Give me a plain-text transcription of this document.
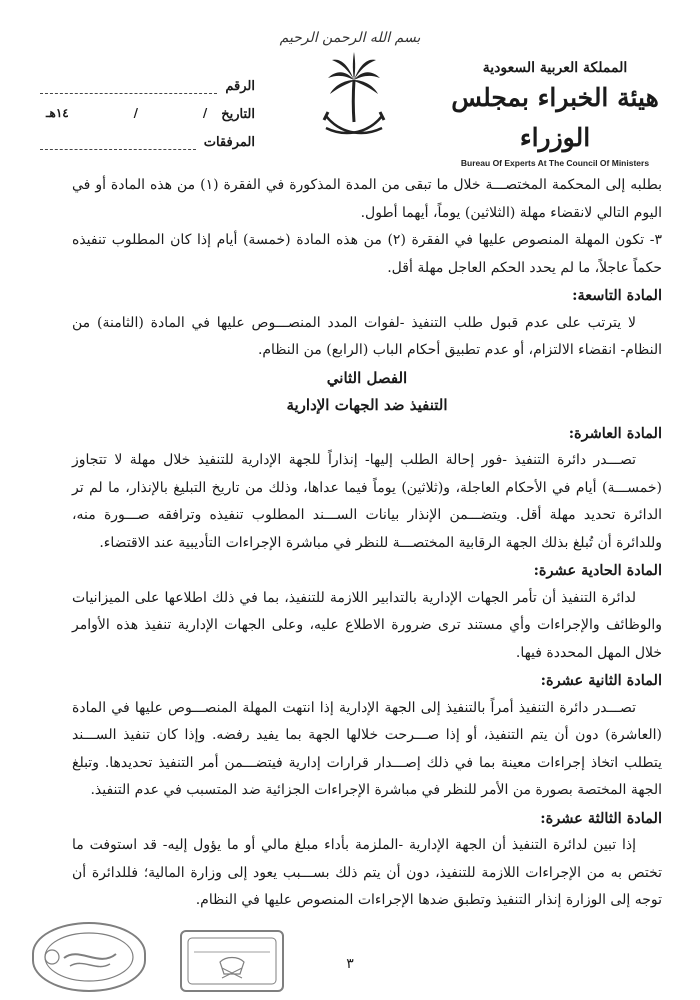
بسم الله الرحمن الرحيم
المملكة العربية السعودية
هيئة الخبراء بمجلس الوزراء
Bureau Of Experts At The Council Of Ministers
الرقم
التاريخ
/
/
١٤هـ
المرفقات

بطلبه إلى المحكمة المختصـــة خلال ما تبقى من المدة المذكورة في الفقرة (١) من هذه المادة أو في اليوم التالي لانقضاء مهلة (الثلاثين) يوماً، أيهما أطول.

٣- تكون المهلة المنصوص عليها في الفقرة (٢) من هذه المادة (خمسة) أيام إذا كان المطلوب تنفيذه حكماً عاجلاً، ما لم يحدد الحكم العاجل مهلة أقل.

المادة التاسعة:

لا يترتب على عدم قبول طلب التنفيذ -لفوات المدد المنصـــوص عليها في المادة (الثامنة) من النظام- انقضاء الالتزام، أو عدم تطبيق أحكام الباب (الرابع) من النظام.

الفصل الثاني

التنفيذ ضد الجهات الإدارية

المادة العاشرة:

تصـــدر دائرة التنفيذ -فور إحالة الطلب إليها- إنذاراً للجهة الإدارية للتنفيذ خلال مهلة لا تتجاوز (خمســـة) أيام في الأحكام العاجلة، و(ثلاثين) يوماً فيما عداها، وذلك من تاريخ التبليغ بالإنذار، ما لم تر الدائرة تحديد مهلة أقل. ويتضـــمن الإنذار بيانات الســـند المطلوب تنفيذه وترافقه صـــورة منه، وللدائرة أن تُبلغ بذلك الجهة الرقابية المختصـــة للنظر في مباشرة الإجراءات التأديبية عند الاقتضاء.

المادة الحادية عشرة:

لدائرة التنفيذ أن تأمر الجهات الإدارية بالتدابير اللازمة للتنفيذ، بما في ذلك اطلاعها على الميزانيات والوظائف والإجراءات وأي مستند ترى ضرورة الاطلاع عليه، وعلى الجهات الإدارية تنفيذ هذه الأوامر خلال المهل المحددة فيها.

المادة الثانية عشرة:

تصـــدر دائرة التنفيذ أمراً بالتنفيذ إلى الجهة الإدارية إذا انتهت المهلة المنصـــوص عليها في المادة (العاشرة) دون أن يتم التنفيذ، أو إذا صـــرحت خلالها الجهة بما يفيد رفضه. وإذا كان تنفيذ الســـند يتطلب اتخاذ إجراءات معينة بما في ذلك إصـــدار قرارات إدارية فيتضـــمن أمر التنفيذ تحديدها. وتبلغ الجهة المختصة بصورة من الأمر للنظر في مباشرة الإجراءات الجزائية ضد المتسبب في عدم التنفيذ.

المادة الثالثة عشرة:

إذا تبين لدائرة التنفيذ أن الجهة الإدارية -الملزمة بأداء مبلغ مالي أو ما يؤول إليه- قد استوفت ما تختص به من الإجراءات اللازمة للتنفيذ، دون أن يتم ذلك بســـبب يعود إلى وزارة المالية؛ فللدائرة أن توجه إلى الوزارة إنذار التنفيذ وتطبق ضدها الإجراءات المنصوص عليها في النظام.

٣
